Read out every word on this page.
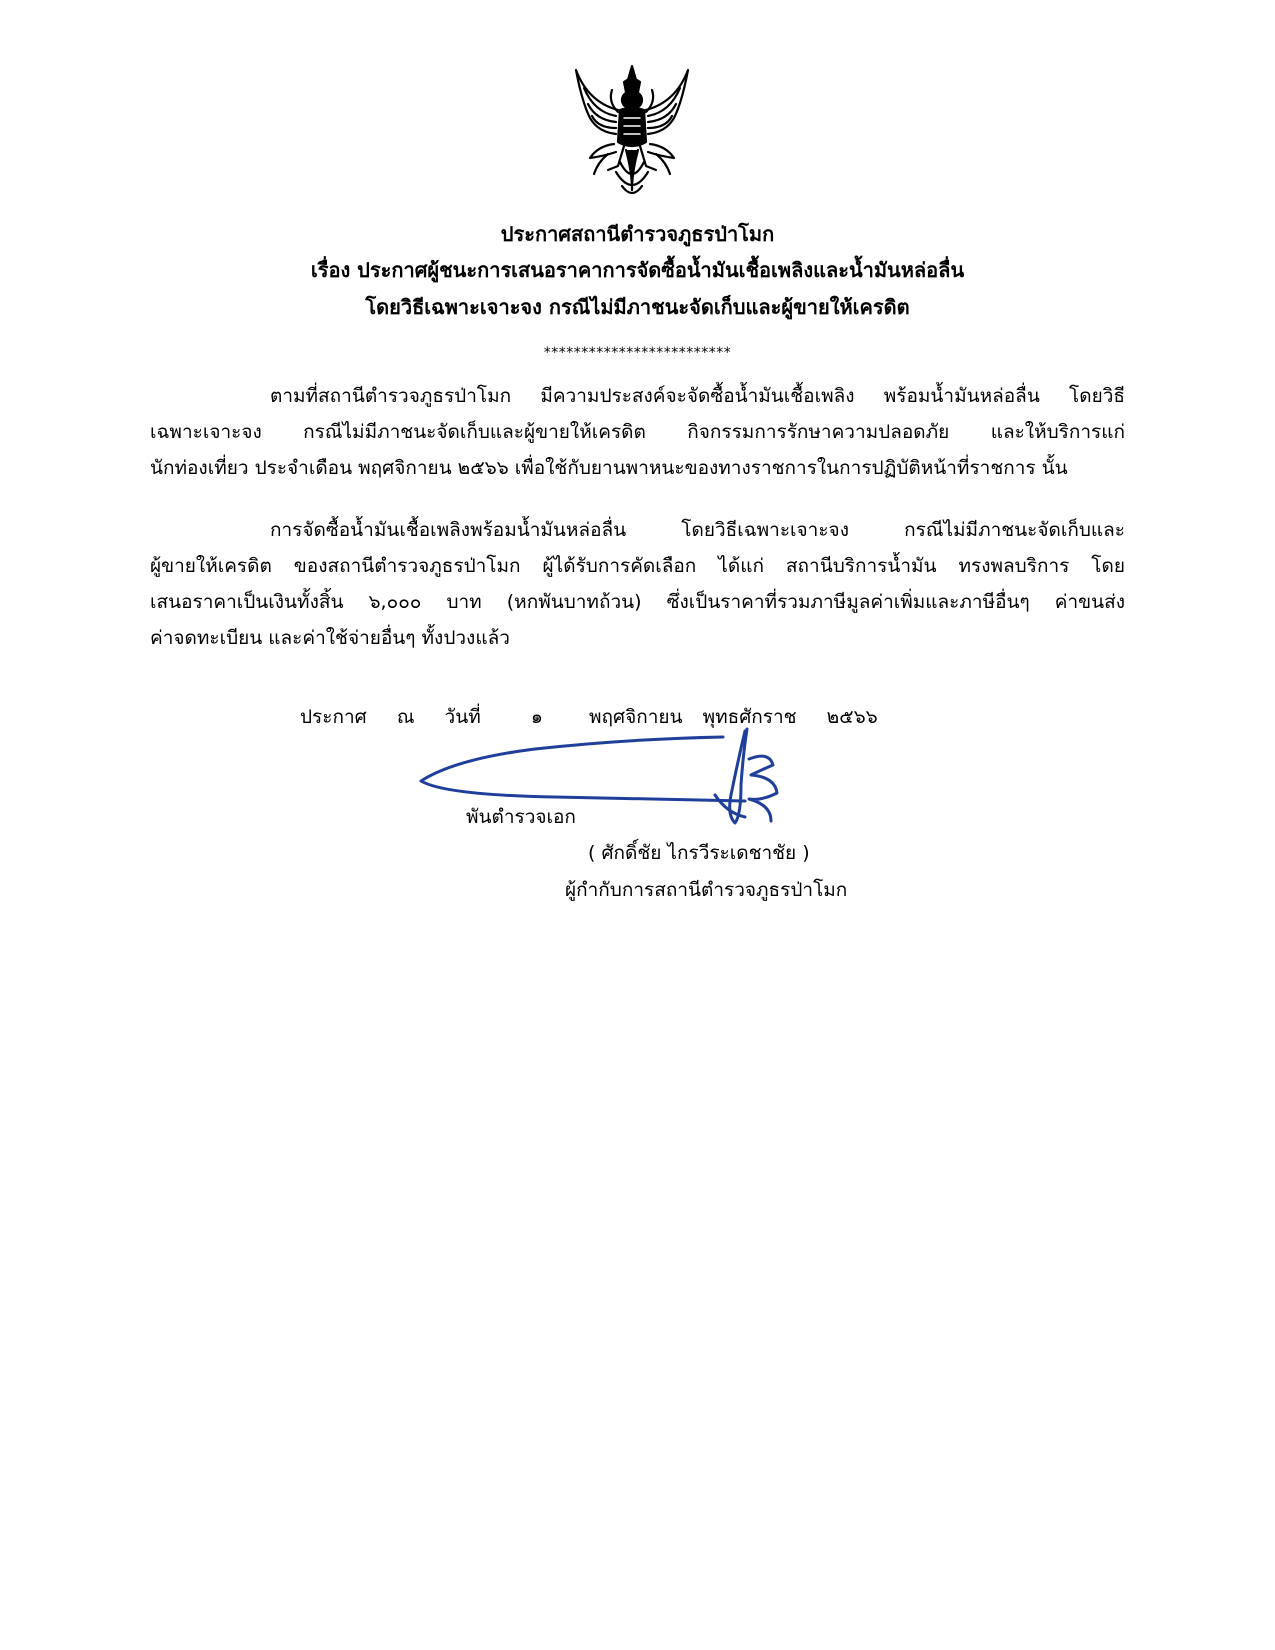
ประกาศสถานีตำรวจภูธรป่าโมก
เรื่อง ประกาศผู้ชนะการเสนอราคาการจัดซื้อน้ำมันเชื้อเพลิงและน้ำมันหล่อลื่น
โดยวิธีเฉพาะเจาะจง กรณีไม่มีภาชนะจัดเก็บและผู้ขายให้เครดิต
*************************
ตามที่สถานีตำรวจภูธรป่าโมก มีความประสงค์จะจัดซื้อน้ำมันเชื้อเพลิง พร้อมน้ำมันหล่อลื่น โดยวิธี
เฉพาะเจาะจง กรณีไม่มีภาชนะจัดเก็บและผู้ขายให้เครดิต กิจกรรมการรักษาความปลอดภัย และให้บริการแก่
นักท่องเที่ยว ประจำเดือน พฤศจิกายน ๒๕๖๖ เพื่อใช้กับยานพาหนะของทางราชการในการปฏิบัติหน้าที่ราชการ นั้น
การจัดซื้อน้ำมันเชื้อเพลิงพร้อมน้ำมันหล่อลื่น โดยวิธีเฉพาะเจาะจง กรณีไม่มีภาชนะจัดเก็บและ
ผู้ขายให้เครดิต ของสถานีตำรวจภูธรป่าโมก ผู้ได้รับการคัดเลือก ได้แก่ สถานีบริการน้ำมัน ทรงพลบริการ โดย
เสนอราคาเป็นเงินทั้งสิ้น ๖,๐๐๐ บาท (หกพันบาทถ้วน) ซึ่งเป็นราคาที่รวมภาษีมูลค่าเพิ่มและภาษีอื่นๆ ค่าขนส่ง
ค่าจดทะเบียน และค่าใช้จ่ายอื่นๆ ทั้งปวงแล้ว
ประกาศ ณ วันที่	๑ พฤศจิกายน พุทธศักราช ๒๕๖๖
พันตำรวจเอก
( ศักดิ์ชัย ไกรวีระเดชาชัย )
ผู้กำกับการสถานีตำรวจภูธรป่าโมก
